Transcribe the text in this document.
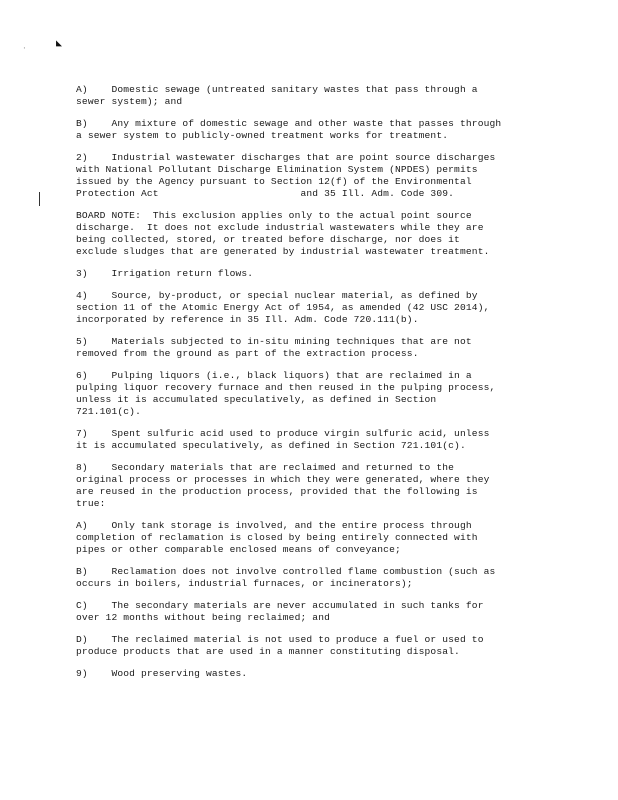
·	◣
A)    Domestic sewage (untreated sanitary wastes that pass through a
sewer system); and
B)    Any mixture of domestic sewage and other waste that passes through
a sewer system to publicly-owned treatment works for treatment.
2)    Industrial wastewater discharges that are point source discharges
with National Pollutant Discharge Elimination System (NPDES) permits
issued by the Agency pursuant to Section 12(f) of the Environmental
Protection Act                        and 35 Ill. Adm. Code 309.
BOARD NOTE:  This exclusion applies only to the actual point source
discharge.  It does not exclude industrial wastewaters while they are
being collected, stored, or treated before discharge, nor does it
exclude sludges that are generated by industrial wastewater treatment.
3)    Irrigation return flows.
4)    Source, by-product, or special nuclear material, as defined by
section 11 of the Atomic Energy Act of 1954, as amended (42 USC 2014),
incorporated by reference in 35 Ill. Adm. Code 720.111(b).
5)    Materials subjected to in-situ mining techniques that are not
removed from the ground as part of the extraction process.
6)    Pulping liquors (i.e., black liquors) that are reclaimed in a
pulping liquor recovery furnace and then reused in the pulping process,
unless it is accumulated speculatively, as defined in Section
721.101(c).
7)    Spent sulfuric acid used to produce virgin sulfuric acid, unless
it is accumulated speculatively, as defined in Section 721.101(c).
8)    Secondary materials that are reclaimed and returned to the
original process or processes in which they were generated, where they
are reused in the production process, provided that the following is
true:
A)    Only tank storage is involved, and the entire process through
completion of reclamation is closed by being entirely connected with
pipes or other comparable enclosed means of conveyance;
B)    Reclamation does not involve controlled flame combustion (such as
occurs in boilers, industrial furnaces, or incinerators);
C)    The secondary materials are never accumulated in such tanks for
over 12 months without being reclaimed; and
D)    The reclaimed material is not used to produce a fuel or used to
produce products that are used in a manner constituting disposal.
9)    Wood preserving wastes.
